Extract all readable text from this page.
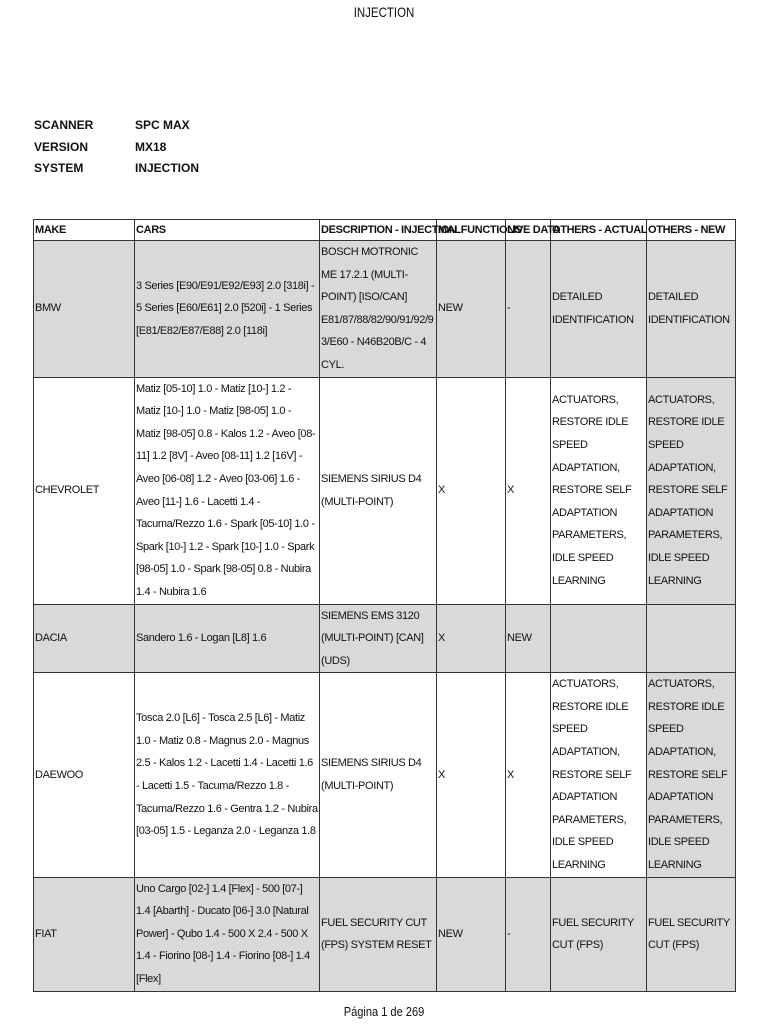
INJECTION
SCANNER	SPC MAX
VERSION	MX18
SYSTEM	INJECTION
MAKE	CARS	DESCRIPTION - INJECTION	MALFUNCTIONS	LIVE DATA	OTHERS - ACTUAL	OTHERS - NEW
BMW	3 Series [E90/E91/E92/E93] 2.0 [318i] - 5 Series [E60/E61] 2.0 [520i] - 1 Series [E81/E82/E87/E88] 2.0 [118i]	BOSCH MOTRONIC ME 17.2.1 (MULTI-POINT) [ISO/CAN] E81/87/88/82/90/91/92/93/E60 - N46B20B/C - 4 CYL.	NEW	-	DETAILED IDENTIFICATION	DETAILED IDENTIFICATION
CHEVROLET	Matiz [05-10] 1.0 - Matiz [10-] 1.2 - Matiz [10-] 1.0 - Matiz [98-05] 1.0 - Matiz [98-05] 0.8 - Kalos 1.2 - Aveo [08-11] 1.2 [8V] - Aveo [08-11] 1.2 [16V] - Aveo [06-08] 1.2 - Aveo [03-06] 1.6 - Aveo [11-] 1.6 - Lacetti 1.4 - Tacuma/Rezzo 1.6 - Spark [05-10] 1.0 - Spark [10-] 1.2 - Spark [10-] 1.0 - Spark [98-05] 1.0 - Spark [98-05] 0.8 - Nubira 1.4 - Nubira 1.6	SIEMENS SIRIUS D4 (MULTI-POINT)	X	X	ACTUATORS, RESTORE IDLE SPEED ADAPTATION, RESTORE SELF ADAPTATION PARAMETERS, IDLE SPEED LEARNING	ACTUATORS, RESTORE IDLE SPEED ADAPTATION, RESTORE SELF ADAPTATION PARAMETERS, IDLE SPEED LEARNING
DACIA	Sandero 1.6 - Logan [L8] 1.6	SIEMENS EMS 3120 (MULTI-POINT) [CAN](UDS)	X	NEW		
DAEWOO	Tosca 2.0 [L6] - Tosca 2.5 [L6] - Matiz 1.0 - Matiz 0.8 - Magnus 2.0 - Magnus 2.5 - Kalos 1.2 - Lacetti 1.4 - Lacetti 1.6 - Lacetti 1.5 - Tacuma/Rezzo 1.8 - Tacuma/Rezzo 1.6 - Gentra 1.2 - Nubira [03-05] 1.5 - Leganza 2.0 - Leganza 1.8	SIEMENS SIRIUS D4 (MULTI-POINT)	X	X	ACTUATORS, RESTORE IDLE SPEED ADAPTATION, RESTORE SELF ADAPTATION PARAMETERS, IDLE SPEED LEARNING	ACTUATORS, RESTORE IDLE SPEED ADAPTATION, RESTORE SELF ADAPTATION PARAMETERS, IDLE SPEED LEARNING
FIAT	Uno Cargo [02-] 1.4 [Flex] - 500 [07-] 1.4 [Abarth] - Ducato [06-] 3.0 [Natural Power] - Qubo 1.4 - 500 X 2.4 - 500 X 1.4 - Fiorino [08-] 1.4 - Fiorino [08-] 1.4 [Flex]	FUEL SECURITY CUT (FPS) SYSTEM RESET	NEW	-	FUEL SECURITY CUT (FPS)	FUEL SECURITY CUT (FPS)
Página 1 de 269
